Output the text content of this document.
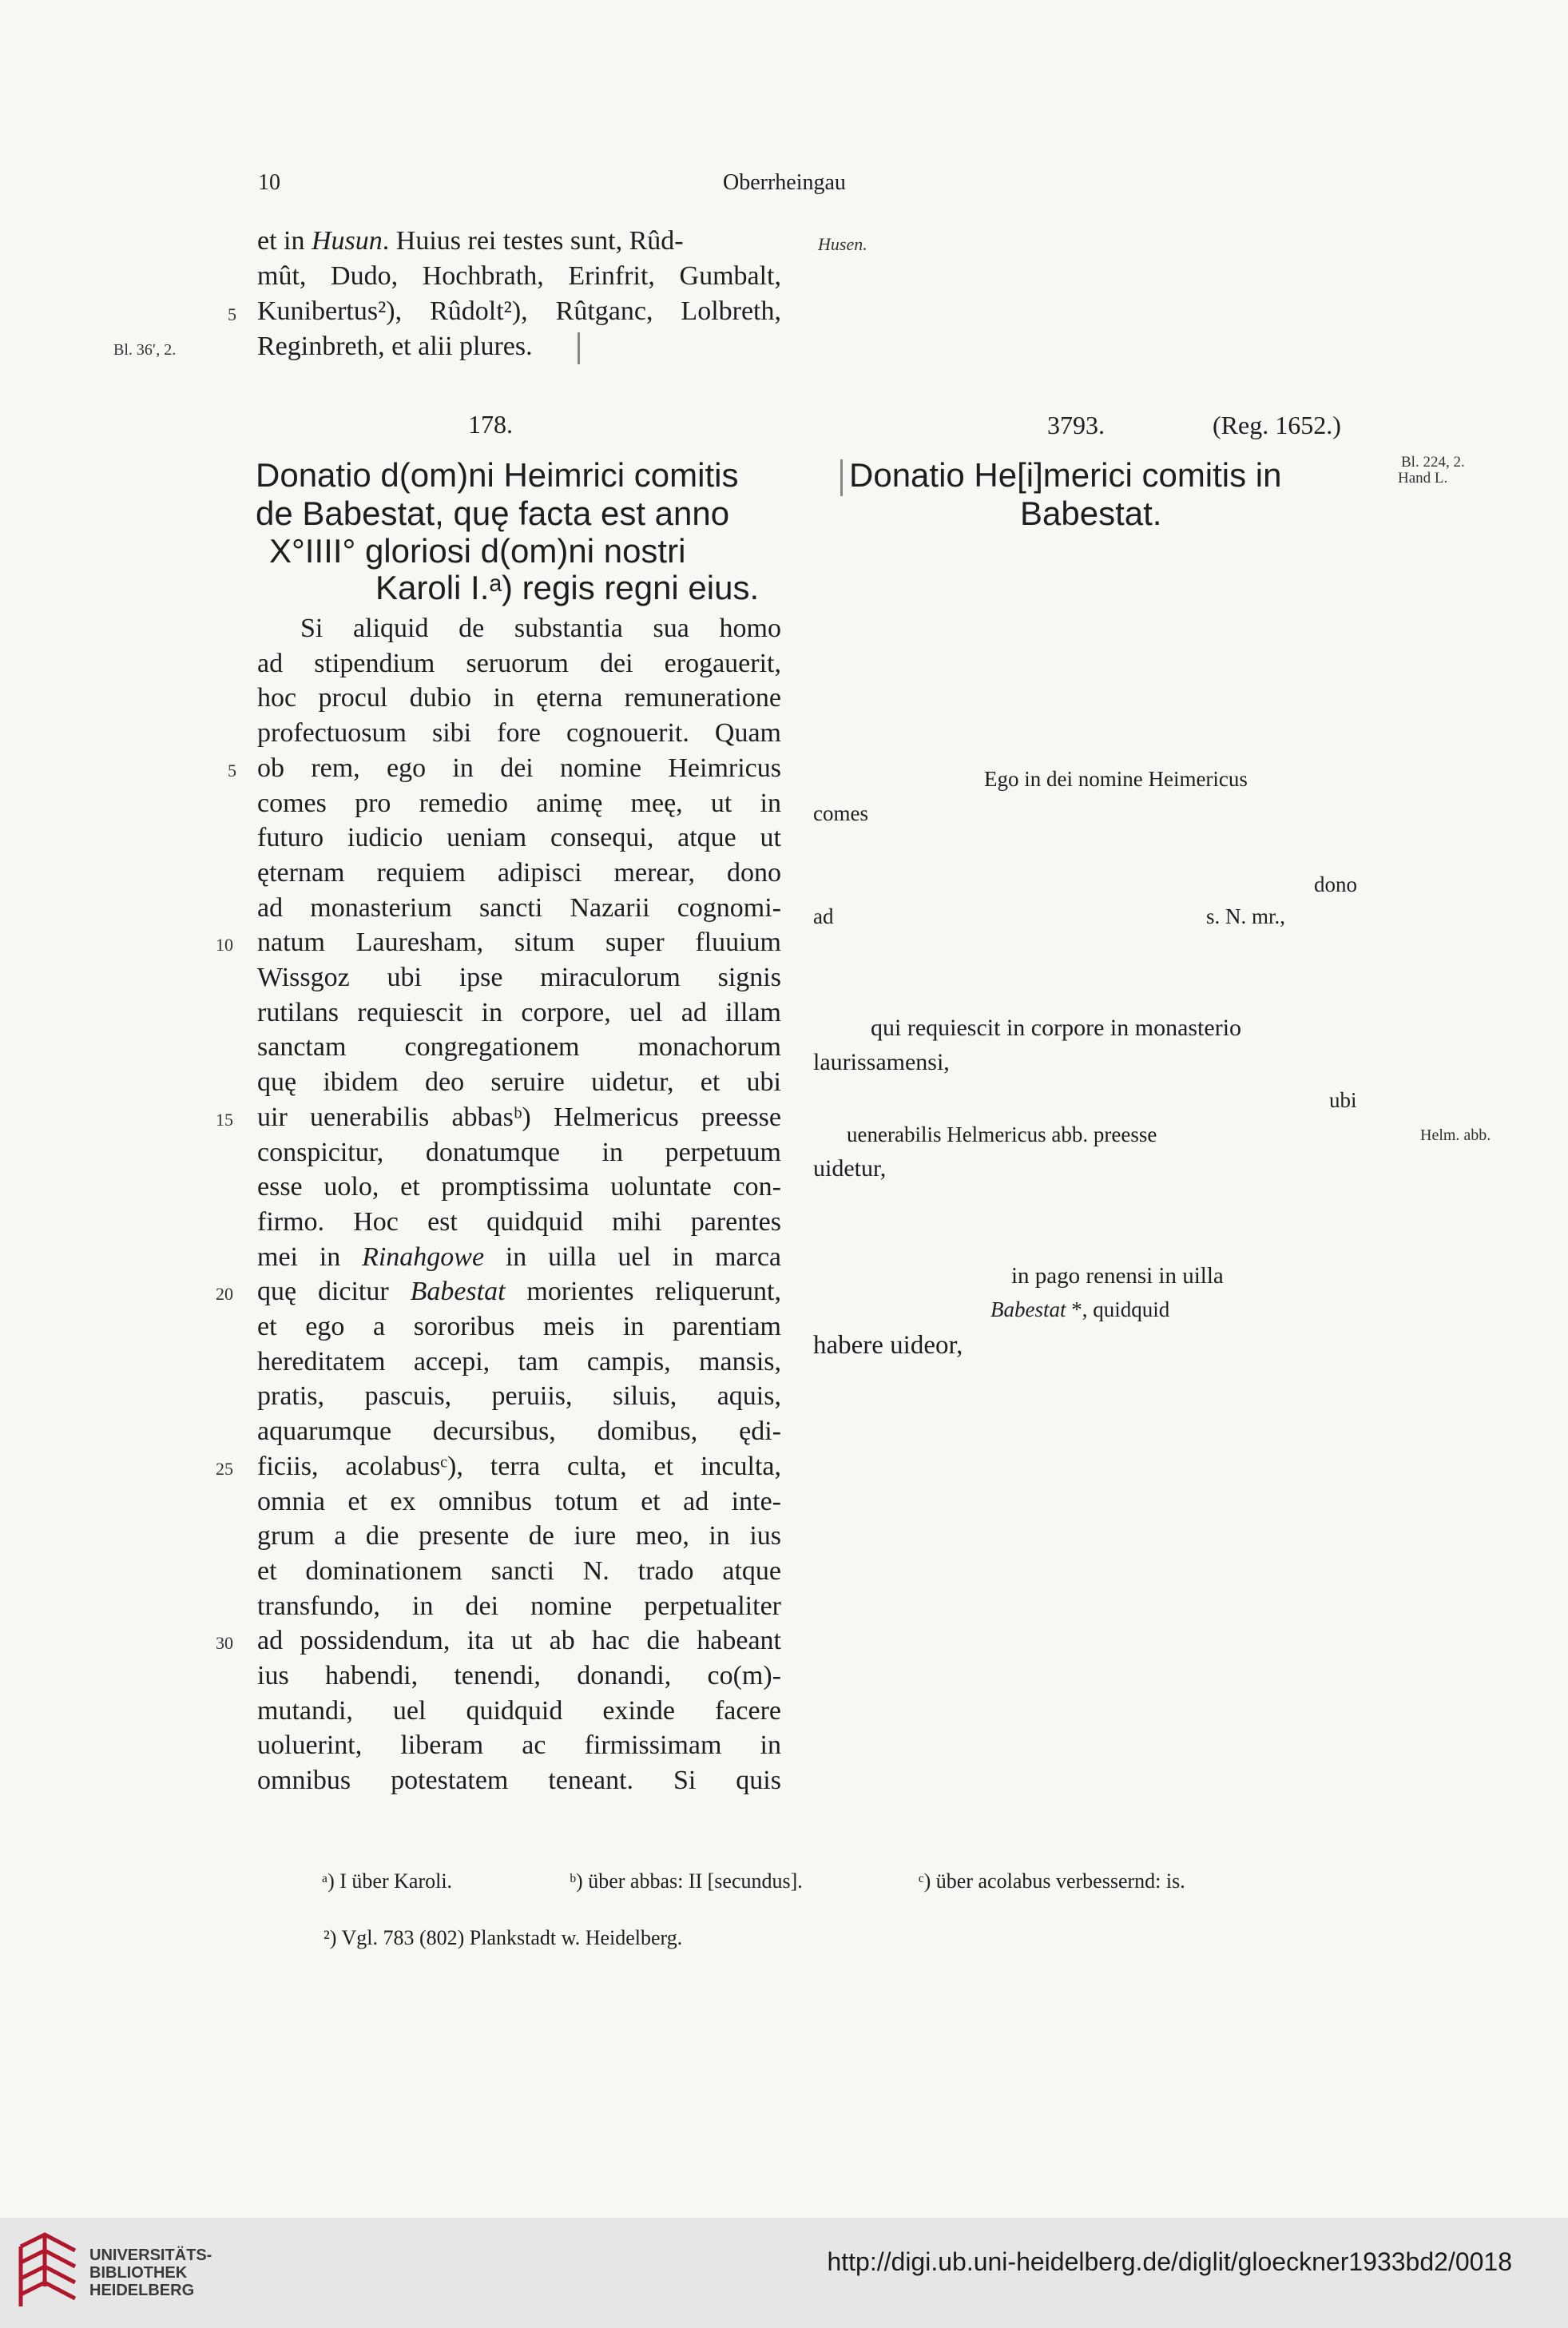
10	Oberrheingau
et in Husun. Huius rei testes sunt, Rûd-
mût, Dudo, Hochbrath, Erinfrit, Gumbalt,
Kunibertus²), Rûdolt²), Rûtganc, Lolbreth,
Reginbreth, et alii plures.
5
Bl. 36ʹ, 2.
Husen.
Bl. 224, 2.
Hand L.
Helm. abb.
178.
Donatio d(om)ni Heimrici comitis
de Babestat, quę facta est anno
X°IIII° gloriosi d(om)ni nostri
Karoli I.ᵃ) regis regni eius.
Si aliquid de substantia sua homo
ad stipendium seruorum dei erogauerit,
hoc procul dubio in ęterna remuneratione
profectuosum sibi fore cognouerit. Quam
ob rem, ego in dei nomine Heimricus
comes pro remedio animę meę, ut in
futuro iudicio ueniam consequi, atque ut
ęternam requiem adipisci merear, dono
ad monasterium sancti Nazarii cognomi-
natum Lauresham, situm super fluuium
Wissgoz ubi ipse miraculorum signis
rutilans requiescit in corpore, uel ad illam
sanctam congregationem monachorum
quę ibidem deo seruire uidetur, et ubi
uir uenerabilis abbasᵇ) Helmericus preesse
conspicitur, donatumque in perpetuum
esse uolo, et promptissima uoluntate con-
firmo. Hoc est quidquid mihi parentes
mei in Rinahgowe in uilla uel in marca
quę dicitur Babestat morientes reliquerunt,
et ego a sororibus meis in parentiam
hereditatem accepi, tam campis, mansis,
pratis, pascuis, peruiis, siluis, aquis,
aquarumque decursibus, domibus, ędi-
ficiis, acolabusᶜ), terra culta, et inculta,
omnia et ex omnibus totum et ad inte-
grum a die presente de iure meo, in ius
et dominationem sancti N. trado atque
transfundo, in dei nomine perpetualiter
ad possidendum, ita ut ab hac die habeant
ius habendi, tenendi, donandi, co(m)-
mutandi, uel quidquid exinde facere
uoluerint, liberam ac firmissimam in
omnibus potestatem teneant. Si quis
5
10
15
20
25
30
3793.	(Reg. 1652.)
Donatio He[i]merici comitis in
Babestat.
Ego in dei nomine Heimericus
comes
dono
ad	s. N. mr.,
qui requiescit in corpore in monasterio
laurissamensi,
ubi
uenerabilis Helmericus abb. preesse
uidetur,
in pago renensi in uilla
Babestat *, quidquid
habere uideor,
ᵃ) I über Karoli.	ᵇ) über abbas: II [secundus].	ᶜ) über acolabus verbessernd: is.
²) Vgl. 783 (802) Plankstadt w. Heidelberg.
UNIVERSITÄTS-
BIBLIOTHEK
HEIDELBERG
http://digi.ub.uni-heidelberg.de/diglit/gloeckner1933bd2/0018
